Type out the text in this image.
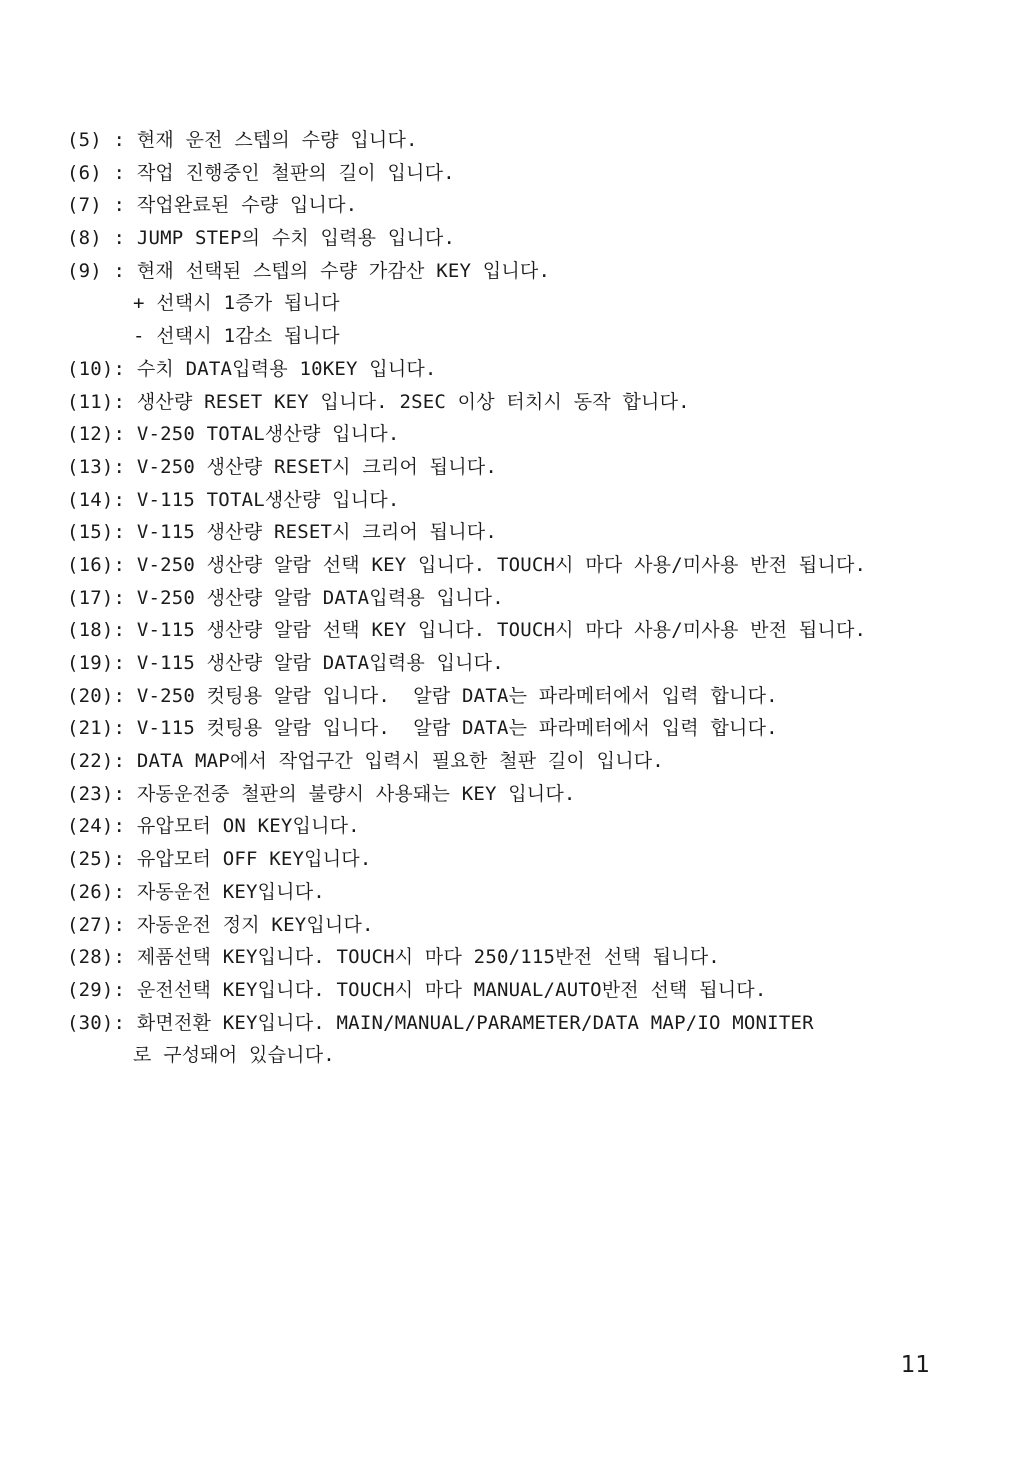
(5) : 현재 운전 스텝의 수량 입니다.
(6) : 작업 진행중인 철판의 길이 입니다.
(7) : 작업완료된 수량 입니다.
(8) : JUMP STEP의 수치 입력용 입니다.
(9) : 현재 선택된 스텝의 수량 가감산 KEY 입니다.
+ 선택시 1증가 됩니다
- 선택시 1감소 됩니다
(10): 수치 DATA입력용 10KEY 입니다.
(11): 생산량 RESET KEY 입니다. 2SEC 이상 터치시 동작 합니다.
(12): V-250 TOTAL생산량 입니다.
(13): V-250 생산량 RESET시 크리어 됩니다.
(14): V-115 TOTAL생산량 입니다.
(15): V-115 생산량 RESET시 크리어 됩니다.
(16): V-250 생산량 알람 선택 KEY 입니다. TOUCH시 마다 사용/미사용 반전 됩니다.
(17): V-250 생산량 알람 DATA입력용 입니다.
(18): V-115 생산량 알람 선택 KEY 입니다. TOUCH시 마다 사용/미사용 반전 됩니다.
(19): V-115 생산량 알람 DATA입력용 입니다.
(20): V-250 컷팅용 알람 입니다.  알람 DATA는 파라메터에서 입력 합니다.
(21): V-115 컷팅용 알람 입니다.  알람 DATA는 파라메터에서 입력 합니다.
(22): DATA MAP에서 작업구간 입력시 필요한 철판 길이 입니다.
(23): 자동운전중 철판의 불량시 사용돼는 KEY 입니다.
(24): 유압모터 ON KEY입니다.
(25): 유압모터 OFF KEY입니다.
(26): 자동운전 KEY입니다.
(27): 자동운전 정지 KEY입니다.
(28): 제품선택 KEY입니다. TOUCH시 마다 250/115반전 선택 됩니다.
(29): 운전선택 KEY입니다. TOUCH시 마다 MANUAL/AUTO반전 선택 됩니다.
(30): 화면전환 KEY입니다. MAIN/MANUAL/PARAMETER/DATA MAP/IO MONITER
로 구성돼어 있습니다.
11
